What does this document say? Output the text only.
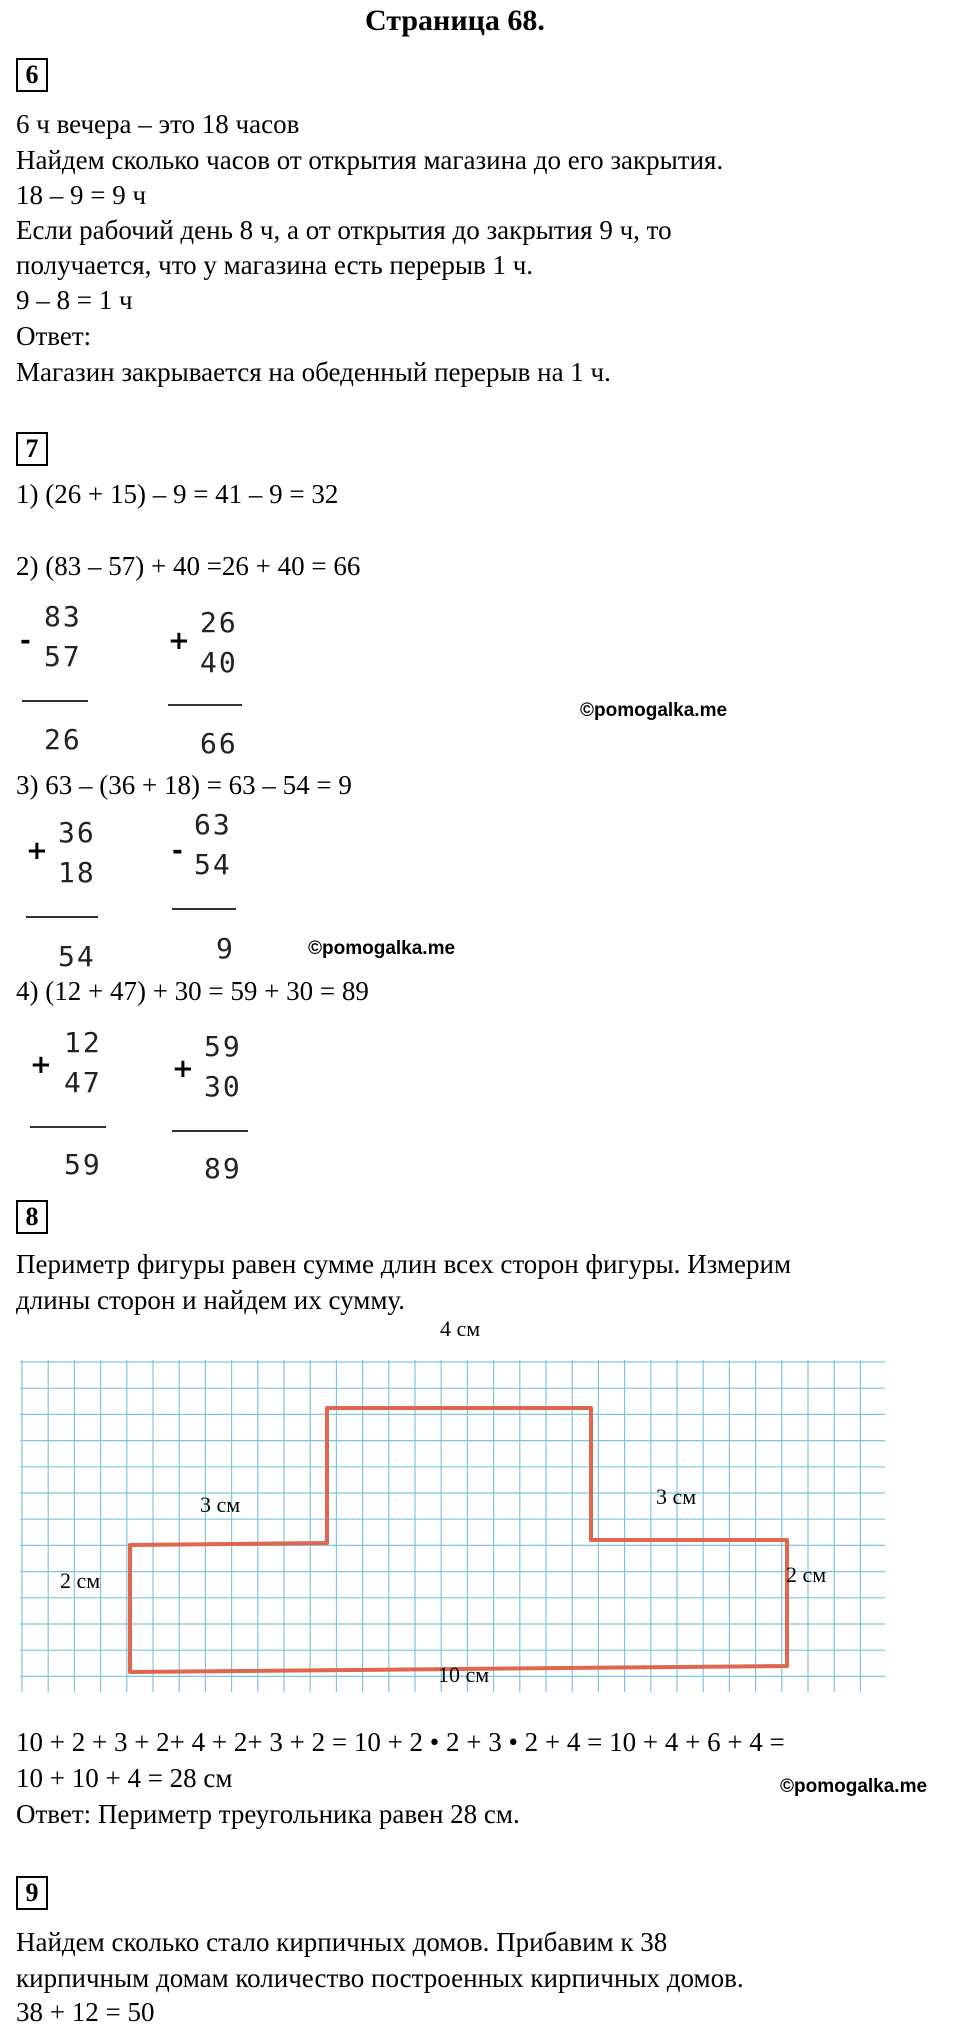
Страница 68.
6
6 ч вечера – это 18 часов
Найдем сколько часов от открытия магазина до его закрытия.
18 – 9 = 9 ч
Если рабочий день 8 ч, а от открытия до закрытия 9 ч, то
получается, что у магазина есть перерыв 1 ч.
9 – 8 = 1 ч
Ответ:
Магазин закрывается на обеденный перерыв на 1 ч.
7
1) (26 + 15) – 9 = 41 – 9 = 32
2) (83 – 57) + 40 =26 + 40 = 66
-
83
57
26
+
26
40
66
©pomogalka.me
3) 63 – (36 + 18) = 63 – 54 = 9
+
36
18
54
-
63
54
9	©pomogalka.me
4) (12 + 47) + 30 = 59 + 30 = 89
+
12
47
59
+
59
30
89
8
Периметр фигуры равен сумме длин всех сторон фигуры. Измерим
длины сторон и найдем их сумму.
4 см
3 см	3 см
2 см	2 см
10 см
10 + 2 + 3 + 2+ 4 + 2+ 3 + 2 = 10 + 2 • 2 + 3 • 2 + 4 = 10 + 4 + 6 + 4 =
10 + 10 + 4 = 28 см	©pomogalka.me
Ответ: Периметр треугольника равен 28 см.
9
Найдем сколько стало кирпичных домов. Прибавим к 38
кирпичным домам количество построенных кирпичных домов.
38 + 12 = 50
